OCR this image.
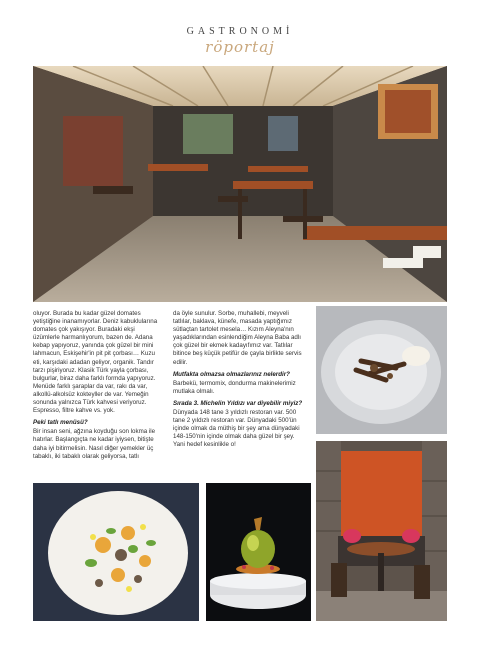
GASTRONOMİ
röportaj

oluyor. Burada bu kadar güzel domates yetiştiğine inanamıyorlar. Deniz kabuklularına domates çok yakışıyor. Buradaki ekşi üzümlerle harmanlıyorum, bazen de. Adana kebap yapıyoruz, yanında çok güzel bir mini lahmacun, Eskişehir'in pit pit çorbası… Kuzu eti, karşıdaki adadan geliyor, organik. Tandır tarzı pişiriyoruz. Klasik Türk yayla çorbası, bulgurlar, biraz daha farklı formda yapıyoruz. Menüde farklı şaraplar da var, rakı da var, alkollü-alkolsüz kokteyller de var. Yemeğin sonunda yalnızca Türk kahvesi veriyoruz. Espresso, filtre kahve vs. yok.

Peki tatlı menüsü?

Bir insan seni, ağzına koyduğu son lokma ile hatırlar. Başlangıçta ne kadar iyiysen, bitişte daha iyi bitirmelisin. Nasıl diğer yemekler üç tabaklı, iki tabaklı olarak geliyorsa, tatlı

da öyle sunulur. Sorbe, muhallebi, meyveli tatlılar, baklava, künefe, masada yaptığımız sütlaçtan tartolet mesela… Kızım Aleyna'nın yaşadıklarından esinlendiğim Aleyna Baba adlı çok güzel bir ekmek kadayıfımız var. Tatlılar bitince beş küçük petifür de çayla birlikte servis edilir.

Mutfakta olmazsa olmazlarınız nelerdir?

Barbekü, termomix, dondurma makinelerimiz mutlaka olmalı.

Sırada 3. Michelin Yıldızı var diyebilir miyiz?

Dünyada 148 tane 3 yıldızlı restoran var. 500 tane 2 yıldızlı restoran var. Dünyadaki 500'ün içinde olmak da müthiş bir şey ama dünyadaki 148-150'nin içinde olmak daha güzel bir şey. Yani hedef kesinlikle o!
